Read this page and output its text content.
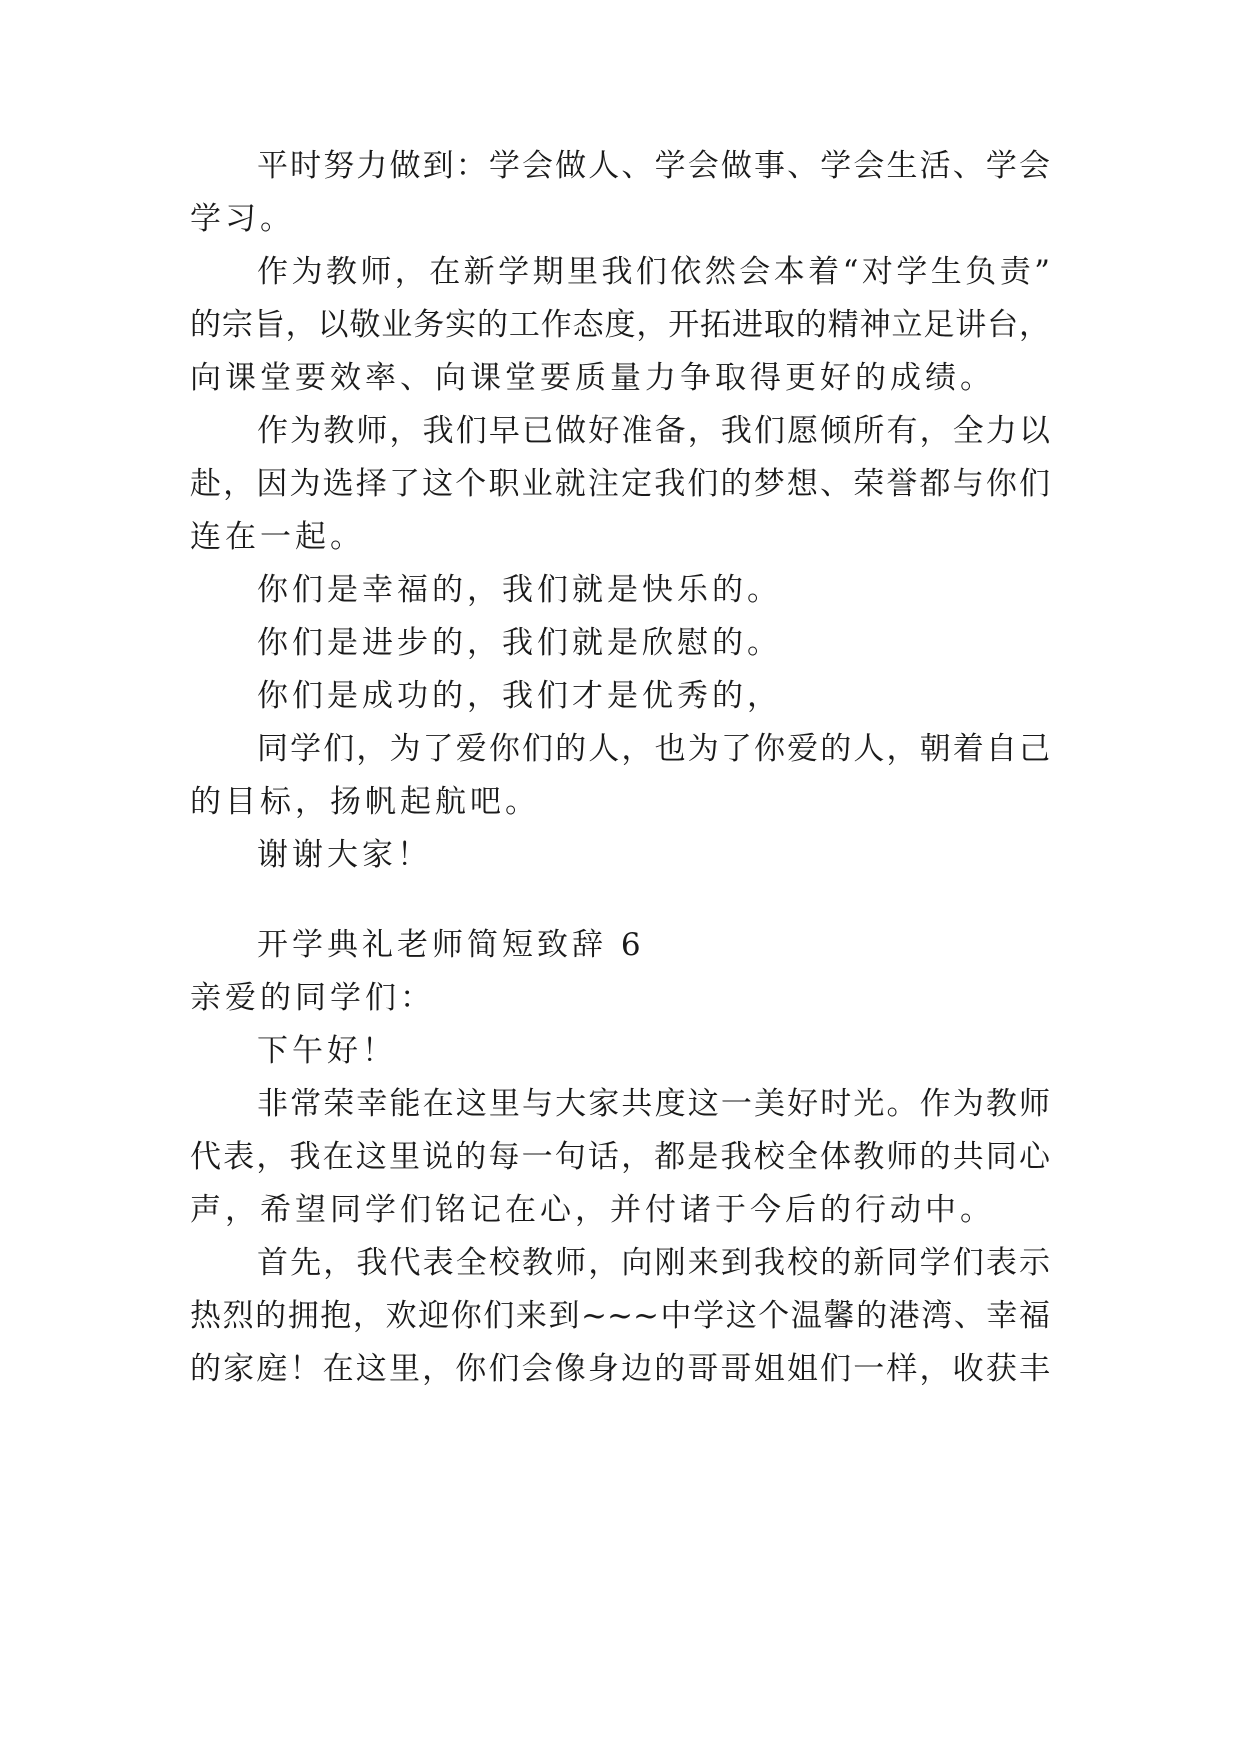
平时努力做到：学会做人、学会做事、学会生活、学会
学习。
作为教师，在新学期里我们依然会本着“对学生负责”
的宗旨，以敬业务实的工作态度，开拓进取的精神立足讲台，
向课堂要效率、向课堂要质量力争取得更好的成绩。
作为教师，我们早已做好准备，我们愿倾所有，全力以
赴，因为选择了这个职业就注定我们的梦想、荣誉都与你们
连在一起。
你们是幸福的，我们就是快乐的。
你们是进步的，我们就是欣慰的。
你们是成功的，我们才是优秀的，
同学们，为了爱你们的人，也为了你爱的人，朝着自己
的目标，扬帆起航吧。
谢谢大家！
开学典礼老师简短致辞 6
亲爱的同学们：
下午好！
非常荣幸能在这里与大家共度这一美好时光。作为教师
代表，我在这里说的每一句话，都是我校全体教师的共同心
声，希望同学们铭记在心，并付诸于今后的行动中。
首先，我代表全校教师，向刚来到我校的新同学们表示
热烈的拥抱，欢迎你们来到~~~中学这个温馨的港湾、幸福
的家庭！在这里，你们会像身边的哥哥姐姐们一样，收获丰
